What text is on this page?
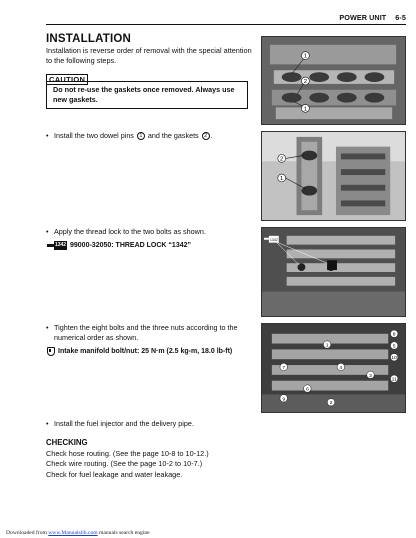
POWER UNIT 6-5
INSTALLATION
Installation is reverse order of removal with the special attention to the following steps.
CAUTION
Do not re-use the gaskets once removed. Always use new gaskets.
• Install the two dowel pins 1 and the gaskets 2 .
• Apply the thread lock to the two bolts as shown.
1342 99000-32050: THREAD LOCK “1342”
• Tighten the eight bolts and the three nuts according to the numerical order as shown.
Intake manifold bolt/nut: 25 N·m (2.5 kg-m, 18.0 lb-ft)
• Install the fuel injector and the delivery pipe.
CHECKING
Check hose routing. (See the page 10-8 to 10-12.)
Check wire routing. (See the page 10-2 to 10-7.)
Check for fuel leakage and water leakage.
1
2
1
2
1
1342
8
1	5
10
7	4
3
11
6
9
2
Downloaded from www.Manualslib.com manuals search engine
